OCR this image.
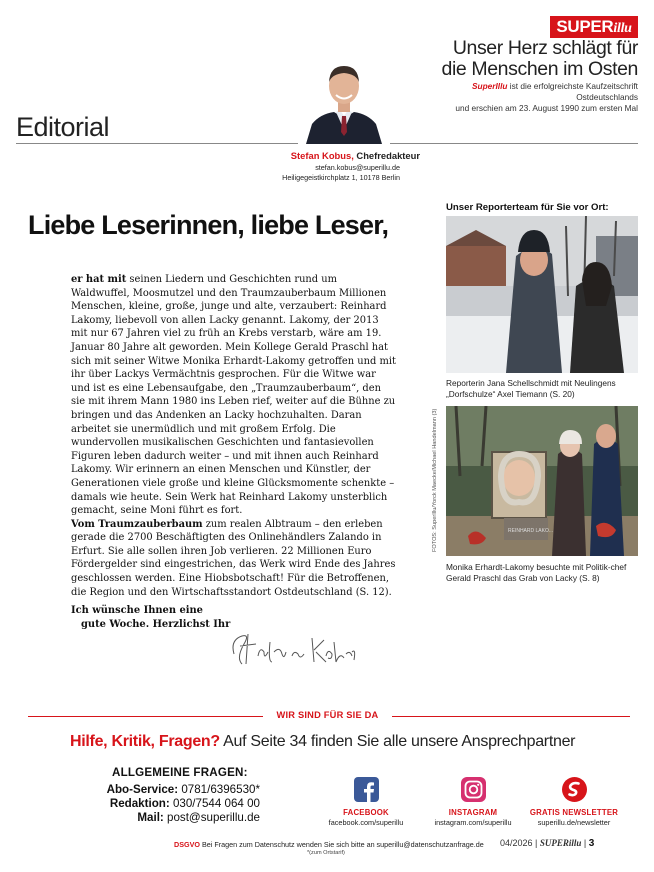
SUPERillu
Unser Herz schlägt für
die Menschen im Osten
SuperIllu ist die erfolgreichste Kaufzeitschrift Ostdeutschlands
und erschien am 23. August 1990 zum ersten Mal
Editorial
Stefan Kobus, Chefredakteur
stefan.kobus@superillu.de
Heiligegeistkirchplatz 1, 10178 Berlin
Liebe Leserinnen, liebe Leser,

er hat mit seinen Liedern und Geschichten rund um Waldwuffel, Moosmutzel und den Traumzauberbaum Millionen Menschen, kleine, große, junge und alte, verzaubert: Reinhard Lakomy, liebevoll von allen Lacky genannt. Lakomy, der 2013 mit nur 67 Jahren viel zu früh an Krebs verstarb, wäre am 19. Januar 80 Jahre alt geworden. Mein Kollege Gerald Praschl hat sich mit seiner Witwe Monika Erhardt-Lakomy getroffen und mit ihr über Lackys Vermächtnis gesprochen. Für die Witwe war und ist es eine Lebensaufgabe, den „Traumzauberbaum“, den sie mit ihrem Mann 1980 ins Leben rief, weiter auf die Bühne zu bringen und das Andenken an Lacky hochzuhalten. Daran arbeitet sie unermüdlich und mit großem Erfolg. Die wundervollen musikalischen Geschichten und fantasievollen Figuren leben dadurch weiter – und mit ihnen auch Reinhard Lakomy. Wir erinnern an einen Menschen und Künstler, der Generationen viele große und kleine Glücksmomente schenkte – damals wie heute. Sein Werk hat Reinhard Lakomy unsterblich gemacht, seine Moni führt es fort.

Vom Traumzauberbaum zum realen Albtraum – den erleben gerade die 2700 Beschäftigten des Onlinehändlers Zalando in Erfurt. Sie alle sollen ihren Job verlieren. 22 Millionen Euro Fördergelder sind eingestrichen, das Werk wird Ende des Jahres geschlossen werden. Eine Hiobsbotschaft! Für die Betroffenen, die Region und den Wirtschaftsstandort Ostdeutschland (S. 12).

Ich wünsche Ihnen eine
gute Woche. Herzlichst Ihr
Unser Reporterteam für Sie vor Ort:
Reporterin Jana Schellschmidt mit Neulingens „Dorfschulze“ Axel Tiemann (S. 20)
FOTOS: SuperIllu/Yorck Maecke/Michael Handelmann (3)	REINHARD LAKO...
Monika Erhardt-Lakomy besuchte mit Politik-chef Gerald Praschl das Grab von Lacky (S. 8)
WIR SIND FÜR SIE DA
Hilfe, Kritik, Fragen? Auf Seite 34 finden Sie alle unsere Ansprechpartner
ALLGEMEINE FRAGEN:
Abo-Service: 0781/6396530*
Redaktion: 030/7544 064 00
Mail: post@superillu.de	FACEBOOK
facebook.com/superillu
INSTAGRAM
instagram.com/superillu
GRATIS NEWSLETTER
superillu.de/newsletter
DSGVO Bei Fragen zum Datenschutz wenden Sie sich bitte an superillu@datenschutzanfrage.de
*(zum Ortstarif)
04/2026 | SUPERillu | 3
